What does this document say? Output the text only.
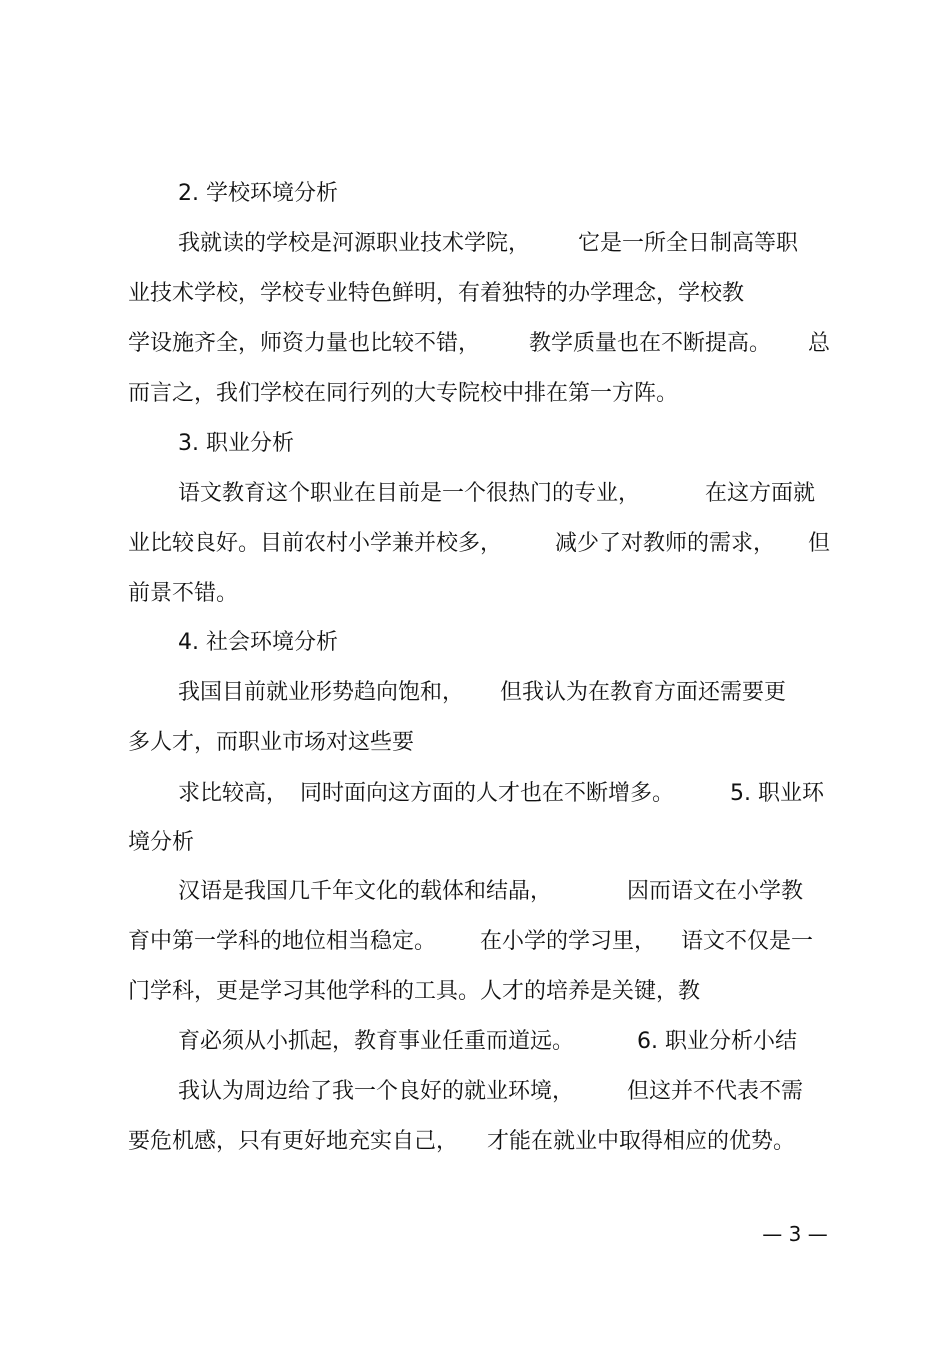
2. 学校环境分析

我就读的学校是河源职业技术学院，

它是一所全日制高等职

业技术学校，学校专业特色鲜明，有着独特的办学理念，学校教

学设施齐全，师资力量也比较不错，

教学质量也在不断提高。

总

而言之，我们学校在同行列的大专院校中排在第一方阵。

3. 职业分析

语文教育这个职业在目前是一个很热门的专业，

	在这方面就

业比较良好。目前农村小学兼并校多，

减少了对教师的需求，

但

前景不错。

4. 社会环境分析

我国目前就业形势趋向饱和，

但我认为在教育方面还需要更

多人才，而职业市场对这些要

求比较高，

同时面向这方面的人才也在不断增多。

	5. 职业环

境分析

汉语是我国几千年文化的载体和结晶，

	因而语文在小学教

育中第一学科的地位相当稳定。

在小学的学习里，

语文不仅是一

门学科，更是学习其他学科的工具。人才的培养是关键，教

育必须从小抓起，教育事业任重而道远。

	6. 职业分析小结

我认为周边给了我一个良好的就业环境，

但这并不代表不需

要危机感，只有更好地充实自己，

才能在就业中取得相应的优势。

— 3 —
